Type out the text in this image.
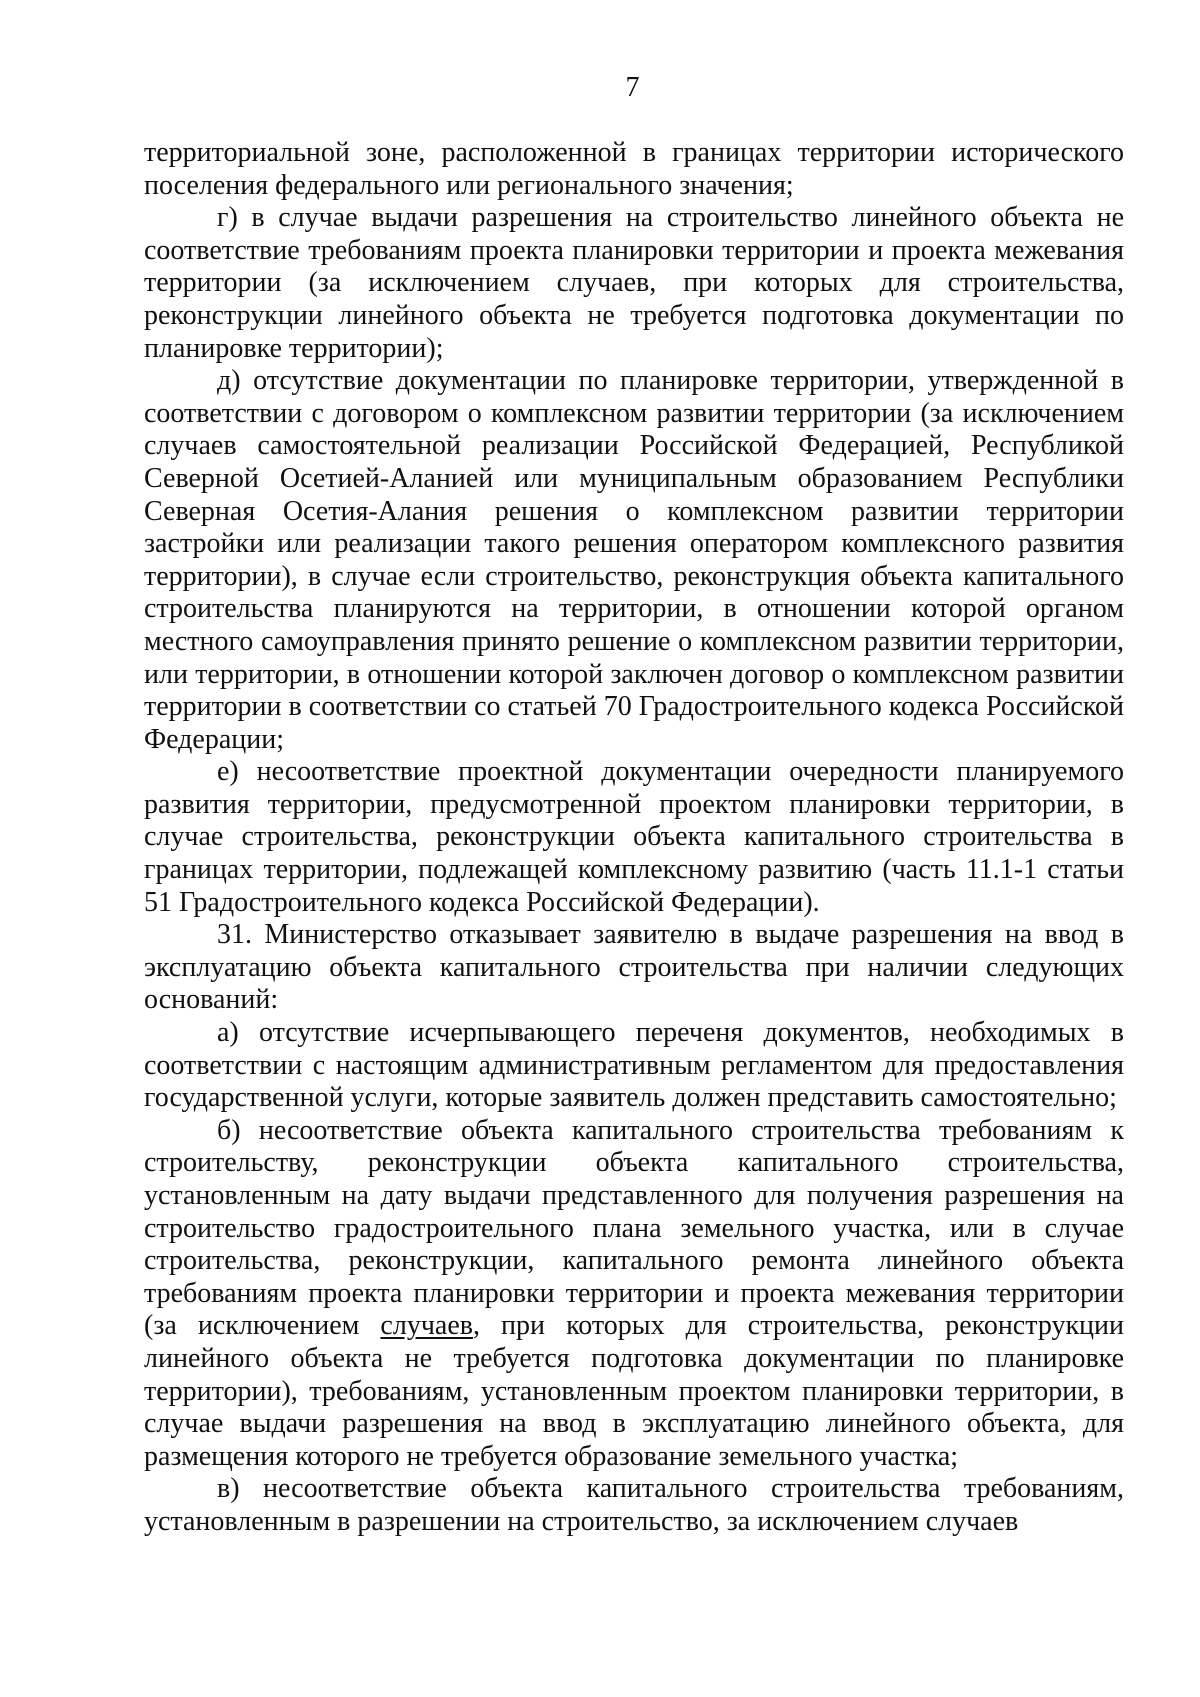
7

территориальной зоне, расположенной в границах территории исторического поселения федерального или регионального значения;

г) в случае выдачи разрешения на строительство линейного объекта не соответствие требованиям проекта планировки территории и проекта межевания территории (за исключением случаев, при которых для строительства, реконструкции линейного объекта не требуется подготовка документации по планировке территории);

д) отсутствие документации по планировке территории, утвержденной в соответствии с договором о комплексном развитии территории (за исключением случаев самостоятельной реализации Российской Федерацией, Республикой Северной Осетией-Аланией или муниципальным образованием Республики Северная Осетия-Алания решения о комплексном развитии территории застройки или реализации такого решения оператором комплексного развития территории), в случае если строительство, реконструкция объекта капитального строительства планируются на территории, в отношении которой органом местного самоуправления принято решение о комплексном развитии территории, или территории, в отношении которой заключен договор о комплексном развитии территории в соответствии со статьей 70 Градостроительного кодекса Российской Федерации;

е) несоответствие проектной документации очередности планируемого развития территории, предусмотренной проектом планировки территории, в случае строительства, реконструкции объекта капитального строительства в границах территории, подлежащей комплексному развитию (часть 11.1-1 статьи 51 Градостроительного кодекса Российской Федерации).

31. Министерство отказывает заявителю в выдаче разрешения на ввод в эксплуатацию объекта капитального строительства при наличии следующих оснований:

а) отсутствие исчерпывающего переченя документов, необходимых в соответствии с настоящим административным регламентом для предоставления государственной услуги, которые заявитель должен представить самостоятельно;

б) несоответствие объекта капитального строительства требованиям к строительству, реконструкции объекта капитального строительства, установленным на дату выдачи представленного для получения разрешения на строительство градостроительного плана земельного участка, или в случае строительства, реконструкции, капитального ремонта линейного объекта требованиям проекта планировки территории и проекта межевания территории (за исключением случаев, при которых для строительства, реконструкции линейного объекта не требуется подготовка документации по планировке территории), требованиям, установленным проектом планировки территории, в случае выдачи разрешения на ввод в эксплуатацию линейного объекта, для размещения которого не требуется образование земельного участка;

в) несоответствие объекта капитального строительства требованиям, установленным в разрешении на строительство, за исключением случаев
